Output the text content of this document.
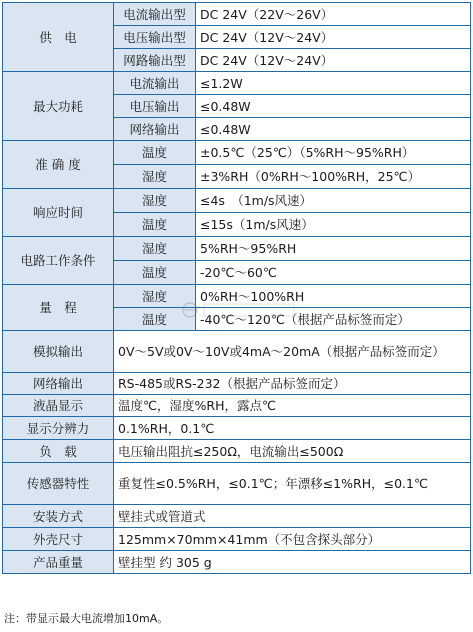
供　电	电流输出型	DC 24V（22V～26V）
	电压输出型	DC 24V（12V～24V）
	网路输出型	DC 24V（12V～24V）
最大功耗	电流输出	≤1.2W
	电压输出	≤0.48W
	网络输出	≤0.48W
准 确 度	温度	±0.5℃（25℃）（5%RH～95%RH）
	湿度	±3%RH（0%RH～100%RH，25℃）
响应时间	湿度	≤4s　（1m/s风速）
	温度	≤15s（1m/s风速）
电路工作条件	湿度	5%RH～95%RH
	温度	-20℃～60℃
量　程	湿度	0%RH～100%RH
	温度	-40℃～120℃（根据产品标签而定）
模拟输出	0V～5V或0V～10V或4mA～20mA（根据产品标签而定）	
网络输出	RS-485或RS-232（根据产品标签而定）	
液晶显示	温度℃，湿度%RH，露点℃	
显示分辨力	0.1%RH，0.1℃	
负　载	电压输出阻抗≤250Ω，电流输出≤500Ω	
传感器特性	重复性≤0.5%RH，≤0.1℃；年漂移≤1%RH，≤0.1℃	
安装方式	壁挂式或管道式	
外壳尺寸	125mm×70mm×41mm（不包含探头部分）	
产品重量	壁挂型 约 305 g	
注：带显示最大电流增加10mA。
